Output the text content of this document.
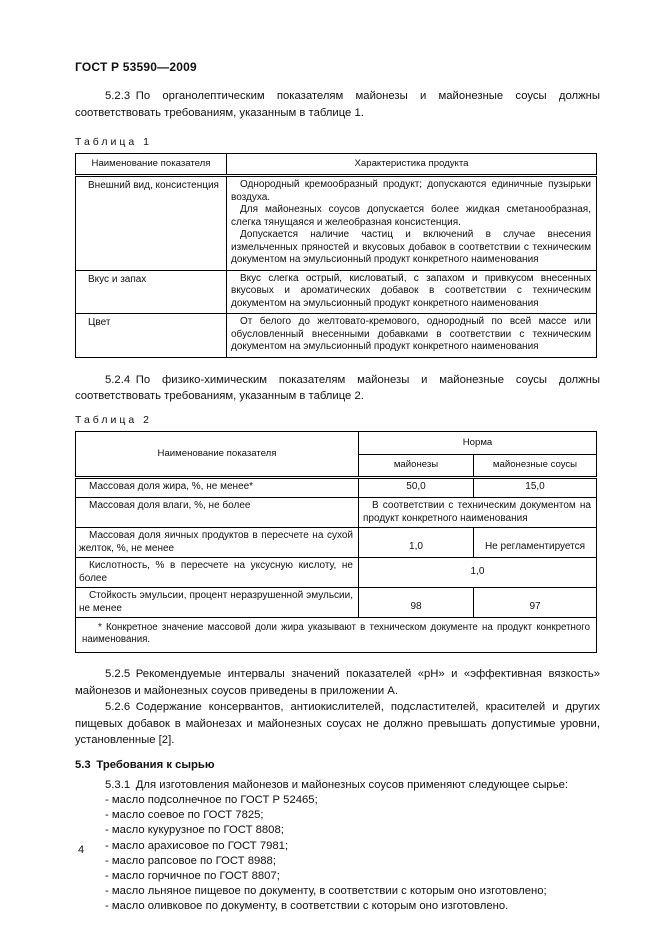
ГОСТ Р 53590—2009

5.2.3 По органолептическим показателям майонезы и майонезные соусы должны соответствовать требованиям, указанным в таблице 1.

Таблица 1
Наименование показателя	Характеристика продукта
Внешний вид, консистенция	Однородный кремообразный продукт; допускаются единичные пузырьки воздуха.

Для майонезных соусов допускается более жидкая сметанообразная, слегка тянущаяся и желеобразная консистенция.

Допускается наличие частиц и включений в случае внесения измельченных пряностей и вкусовых добавок в соответствии с техническим документом на эмульсионный продукт конкретного наименования

Вкус и запах	Вкус слегка острый, кисловатый, с запахом и привкусом внесенных вкусовых и ароматических добавок в соответствии с техническим документом на эмульсионный продукт конкретного наименования

Цвет	От белого до желтовато-кремового, однородный по всей массе или обусловленный внесенными добавками в соответствии с техническим документом на эмульсионный продукт конкретного наименования

5.2.4 По физико-химическим показателям майонезы и майонезные соусы должны соответствовать требованиям, указанным в таблице 2.

Таблица 2
Наименование показателя	Норма	
	майонезы	майонезные соусы
Массовая доля жира, %, не менее*	50,0	15,0
Массовая доля влаги, %, не более	В соответствии с техническим документом на продукт конкретного наименования	
Массовая доля яичных продуктов в пересчете на сухой желток, %, не менее	1,0	Не регламентируется
Кислотность, % в пересчете на уксусную кислоту, не более	1,0	
Стойкость эмульсии, процент неразрушенной эмульсии, не менее	98	97

* Конкретное значение массовой доли жира указывают в техническом документе на продукт конкретного наименования.		

5.2.5 Рекомендуемые интервалы значений показателей «рН» и «эффективная вязкость» майонезов и майонезных соусов приведены в приложении А.

5.2.6 Содержание консервантов, антиокислителей, подсластителей, красителей и других пищевых добавок в майонезах и майонезных соусах не должно превышать допустимые уровни, установленные [2].

5.3 Требования к сырью

5.3.1 Для изготовления майонезов и майонезных соусов применяют следующее сырье:

- масло подсолнечное по ГОСТ Р 52465;
- масло соевое по ГОСТ 7825;
- масло кукурузное по ГОСТ 8808;
- масло арахисовое по ГОСТ 7981;
- масло рапсовое по ГОСТ 8988;
- масло горчичное по ГОСТ 8807;
- масло льняное пищевое по документу, в соответствии с которым оно изготовлено;
- масло оливковое по документу, в соответствии с которым оно изготовлено.
4
